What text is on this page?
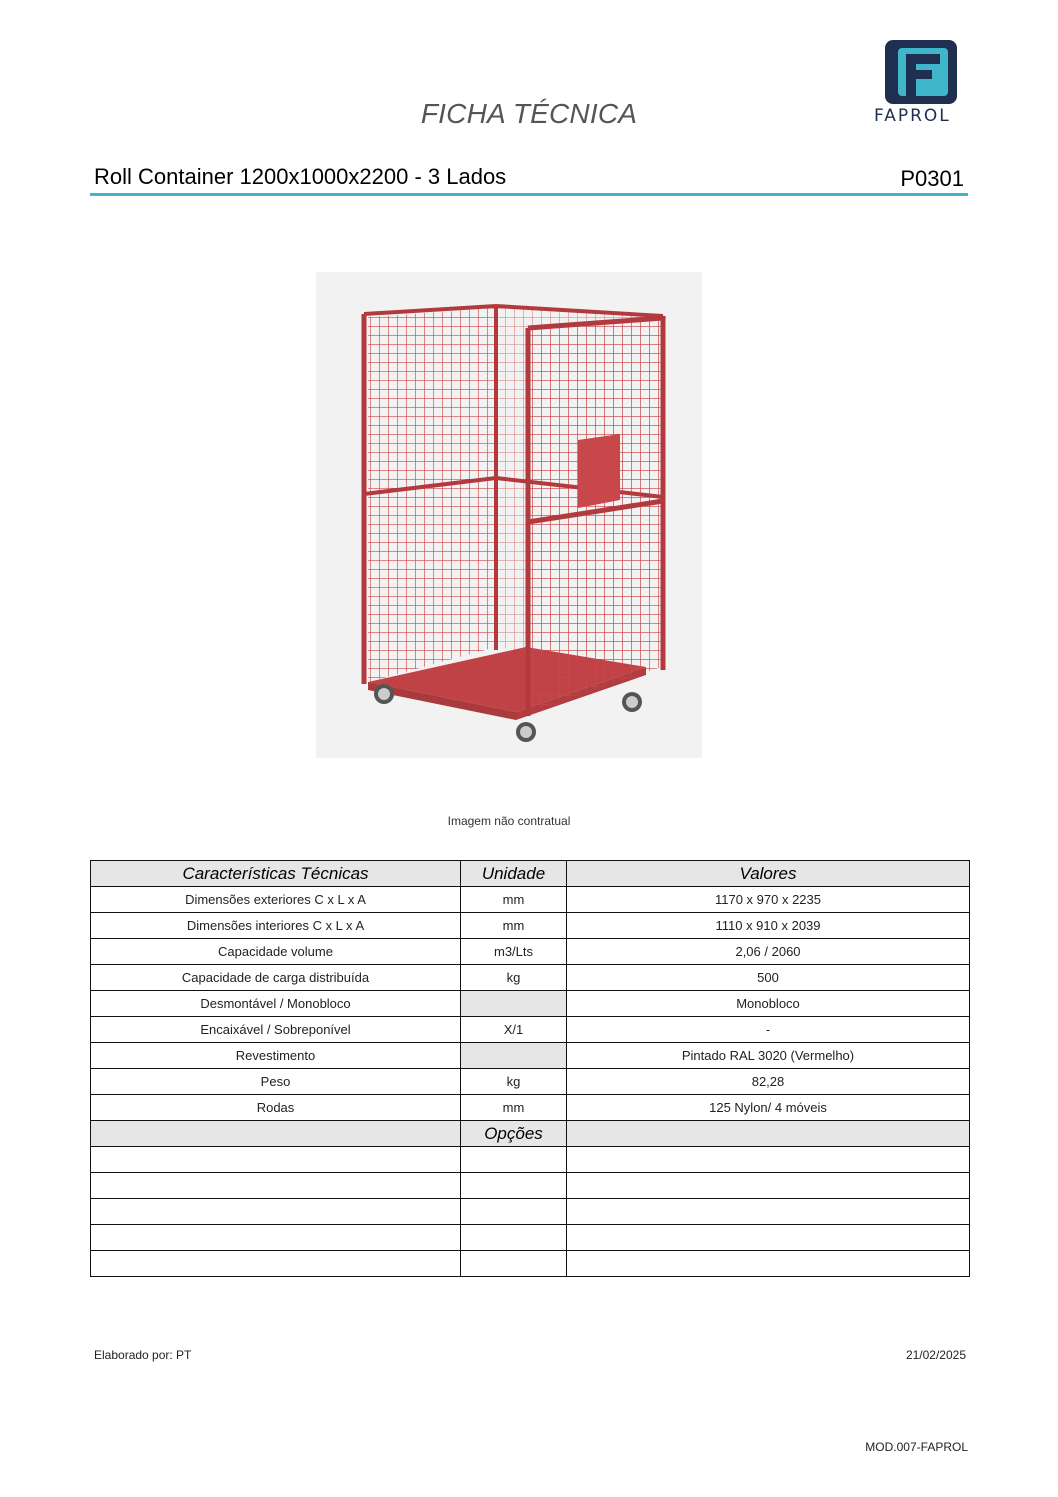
FICHA TÉCNICA	FAPROL
Roll Container 1200x1000x2200 - 3 Lados	P0301
Imagem não contratual
Características Técnicas	Unidade	Valores
Dimensões exteriores C x L x A	mm	1170 x 970 x 2235
Dimensões interiores C x L x A	mm	1110 x 910 x 2039
Capacidade volume	m3/Lts	2,06 / 2060
Capacidade de carga distribuída	kg	500
Desmontável / Monobloco		Monobloco
Encaixável / Sobreponível	X/1	-
Revestimento		Pintado RAL 3020 (Vermelho)
Peso	kg	82,28
Rodas	mm	125 Nylon/ 4 móveis
	Opções	

Elaborado por: PT	21/02/2025
MOD.007-FAPROL
